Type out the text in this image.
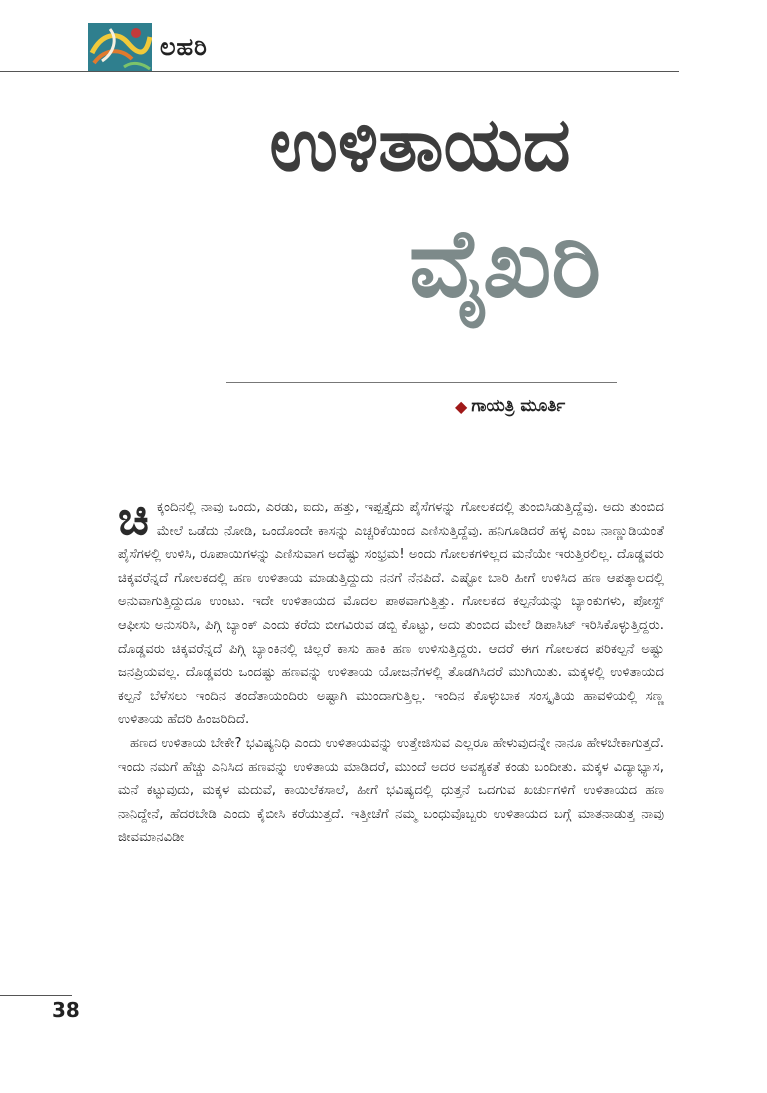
ಲಹರಿ
ಉಳಿತಾಯದ
ವೈಖರಿ
◆ ಗಾಯತ್ರಿ ಮೂರ್ತಿ

ಚಿಕ್ಕಂದಿನಲ್ಲಿ ನಾವು ಒಂದು, ಎರಡು, ಐದು, ಹತ್ತು, ಇಪ್ಪತ್ತೈದು ಪೈಸೆಗಳನ್ನು ಗೋಲಕದಲ್ಲಿ ತುಂಬಿಸಿಡುತ್ತಿದ್ದೆವು. ಅದು ತುಂಬಿದ ಮೇಲೆ ಒಡೆದು ನೋಡಿ, ಒಂದೊಂದೇ ಕಾಸನ್ನು ಎಚ್ಚರಿಕೆಯಿಂದ ಎಣಿಸುತ್ತಿದ್ದೆವು. ಹನಿಗೂಡಿದರೆ ಹಳ್ಳ ಎಂಬ ನಾಣ್ಣುಡಿಯಂತೆ ಪೈಸೆಗಳಲ್ಲಿ ಉಳಿಸಿ, ರೂಪಾಯಿಗಳನ್ನು ಎಣಿಸುವಾಗ ಅದೆಷ್ಟು ಸಂಭ್ರಮ! ಅಂದು ಗೋಲಕಗಳಿಲ್ಲದ ಮನೆಯೇ ಇರುತ್ತಿರಲಿಲ್ಲ. ದೊಡ್ಡವರು ಚಿಕ್ಕವರೆನ್ನದೆ ಗೋಲಕದಲ್ಲಿ ಹಣ ಉಳಿತಾಯ ಮಾಡುತ್ತಿದ್ದುದು ನನಗೆ ನೆನಪಿದೆ. ಎಷ್ಟೋ ಬಾರಿ ಹೀಗೆ ಉಳಿಸಿದ ಹಣ ಆಪತ್ಕಾಲದಲ್ಲಿ ಅನುವಾಗುತ್ತಿದ್ದುದೂ ಉಂಟು. ಇದೇ ಉಳಿತಾಯದ ಮೊದಲ ಪಾಠವಾಗುತ್ತಿತ್ತು. ಗೋಲಕದ ಕಲ್ಪನೆಯನ್ನು ಬ್ಯಾಂಕುಗಳು, ಪೋಸ್ಟ್ ಆಫೀಸು ಅನುಸರಿಸಿ, ಪಿಗ್ಗಿ ಬ್ಯಾಂಕ್ ಎಂದು ಕರೆದು ಬೀಗವಿರುವ ಡಬ್ಬಿ ಕೊಟ್ಟು, ಅದು ತುಂಬಿದ ಮೇಲೆ ಡಿಪಾಸಿಟ್ ಇರಿಸಿಕೊಳ್ಳುತ್ತಿದ್ದರು. ದೊಡ್ಡವರು ಚಿಕ್ಕವರೆನ್ನದೆ ಪಿಗ್ಗಿ ಬ್ಯಾಂಕಿನಲ್ಲಿ ಚಿಲ್ಲರೆ ಕಾಸು ಹಾಕಿ ಹಣ ಉಳಿಸುತ್ತಿದ್ದರು. ಆದರೆ ಈಗ ಗೋಲಕದ ಪರಿಕಲ್ಪನೆ ಅಷ್ಟು ಜನಪ್ರಿಯವಲ್ಲ. ದೊಡ್ಡವರು ಒಂದಷ್ಟು ಹಣವನ್ನು ಉಳಿತಾಯ ಯೋಜನೆಗಳಲ್ಲಿ ತೊಡಗಿಸಿದರೆ ಮುಗಿಯಿತು. ಮಕ್ಕಳಲ್ಲಿ ಉಳಿತಾಯದ ಕಲ್ಪನೆ ಬೆಳೆಸಲು ಇಂದಿನ ತಂದೆತಾಯಂದಿರು ಅಷ್ಟಾಗಿ ಮುಂದಾಗುತ್ತಿಲ್ಲ. ಇಂದಿನ ಕೊಳ್ಳುಬಾಕ ಸಂಸ್ಕೃತಿಯ ಹಾವಳಿಯಲ್ಲಿ ಸಣ್ಣ ಉಳಿತಾಯ ಹೆದರಿ ಹಿಂಜರಿದಿದೆ.

ಹಣದ ಉಳಿತಾಯ ಬೇಕೇ? ಭವಿಷ್ಯನಿಧಿ ಎಂದು ಉಳಿತಾಯವನ್ನು ಉತ್ತೇಜಿಸುವ ಎಲ್ಲರೂ ಹೇಳುವುದನ್ನೇ ನಾನೂ ಹೇಳಬೇಕಾಗುತ್ತದೆ. ಇಂದು ನಮಗೆ ಹೆಚ್ಚು ಎನಿಸಿದ ಹಣವನ್ನು ಉಳಿತಾಯ ಮಾಡಿದರೆ, ಮುಂದೆ ಅದರ ಅವಶ್ಯಕತೆ ಕಂಡು ಬಂದೀತು. ಮಕ್ಕಳ ವಿದ್ಯಾಭ್ಯಾಸ, ಮನೆ ಕಟ್ಟುವುದು, ಮಕ್ಕಳ ಮದುವೆ, ಕಾಯಿಲೆಕಸಾಲೆ, ಹೀಗೆ ಭವಿಷ್ಯದಲ್ಲಿ ಧುತ್ತನೆ ಒದಗುವ ಖರ್ಚುಗಳಿಗೆ ಉಳಿತಾಯದ ಹಣ ನಾನಿದ್ದೇನೆ, ಹೆದರಬೇಡಿ ಎಂದು ಕೈಬೀಸಿ ಕರೆಯುತ್ತದೆ. ಇತ್ತೀಚೆಗೆ ನಮ್ಮ ಬಂಧುವೊಬ್ಬರು ಉಳಿತಾಯದ ಬಗ್ಗೆ ಮಾತನಾಡುತ್ತ ನಾವು ಜೀವಮಾನವಿಡೀ

38
